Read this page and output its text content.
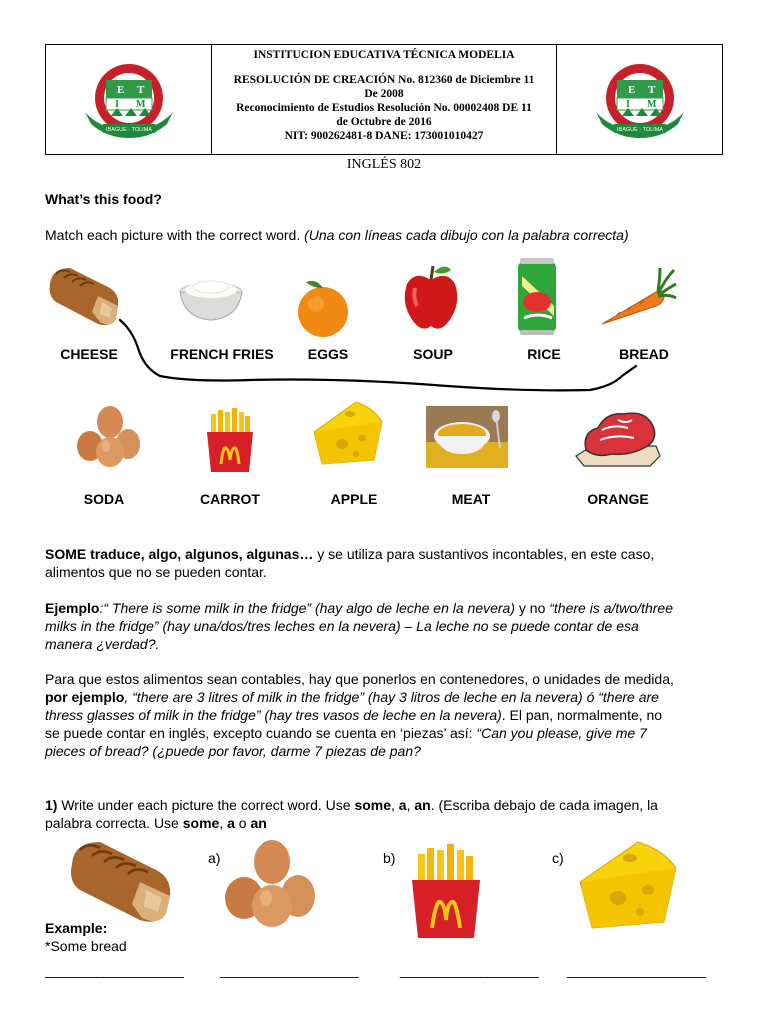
E T
I M
IBAGUE - TOLIMA
INSTITUCION EDUCATIVA TÉCNICA MODELIA
RESOLUCIÓN DE CREACIÓN No. 812360 de Diciembre 11
De 2008
Reconocimiento de Estudios Resolución No. 00002408 DE 11
de Octubre de 2016
NIT: 900262481-8 DANE: 173001010427
E T
I M
IBAGUE - TOLIMA
INGLÉS 802
What’s this food?
Match each picture with the correct word. (Una con líneas cada dibujo con la palabra correcta)
CHEESE	FRENCH FRIES	EGGS	SOUP	RICE	BREAD
SODA	CARROT	APPLE	MEAT	ORANGE
SOME traduce, algo, algunos, algunas… y se utiliza para sustantivos incontables, en este caso,
alimentos que no se pueden contar.
Ejemplo:“ There is some milk in the fridge” (hay algo de leche en la nevera) y no “there is a/two/three
milks in the fridge” (hay una/dos/tres leches en la nevera) – La leche no se puede contar de esa
manera ¿verdad?.
Para que estos alimentos sean contables, hay que ponerlos en contenedores, o unidades de medida,
por ejemplo, “there are 3 litres of milk in the fridge” (hay 3 litros de leche en la nevera) ó “there are
thress glasses of milk in the fridge” (hay tres vasos de leche en la nevera). El pan, normalmente, no
se puede contar en inglés, excepto cuando se cuenta en ‘piezas’ así: “Can you please, give me 7
pieces of bread? (¿puede por favor, darme 7 piezas de pan?
1) Write under each picture the correct word. Use some, a, an. (Escriba debajo de cada imagen, la
palabra correcta. Use some, a o an
a)	b)	c)
Example:
*Some bread
___________________	___________________	___________________ ___________________
